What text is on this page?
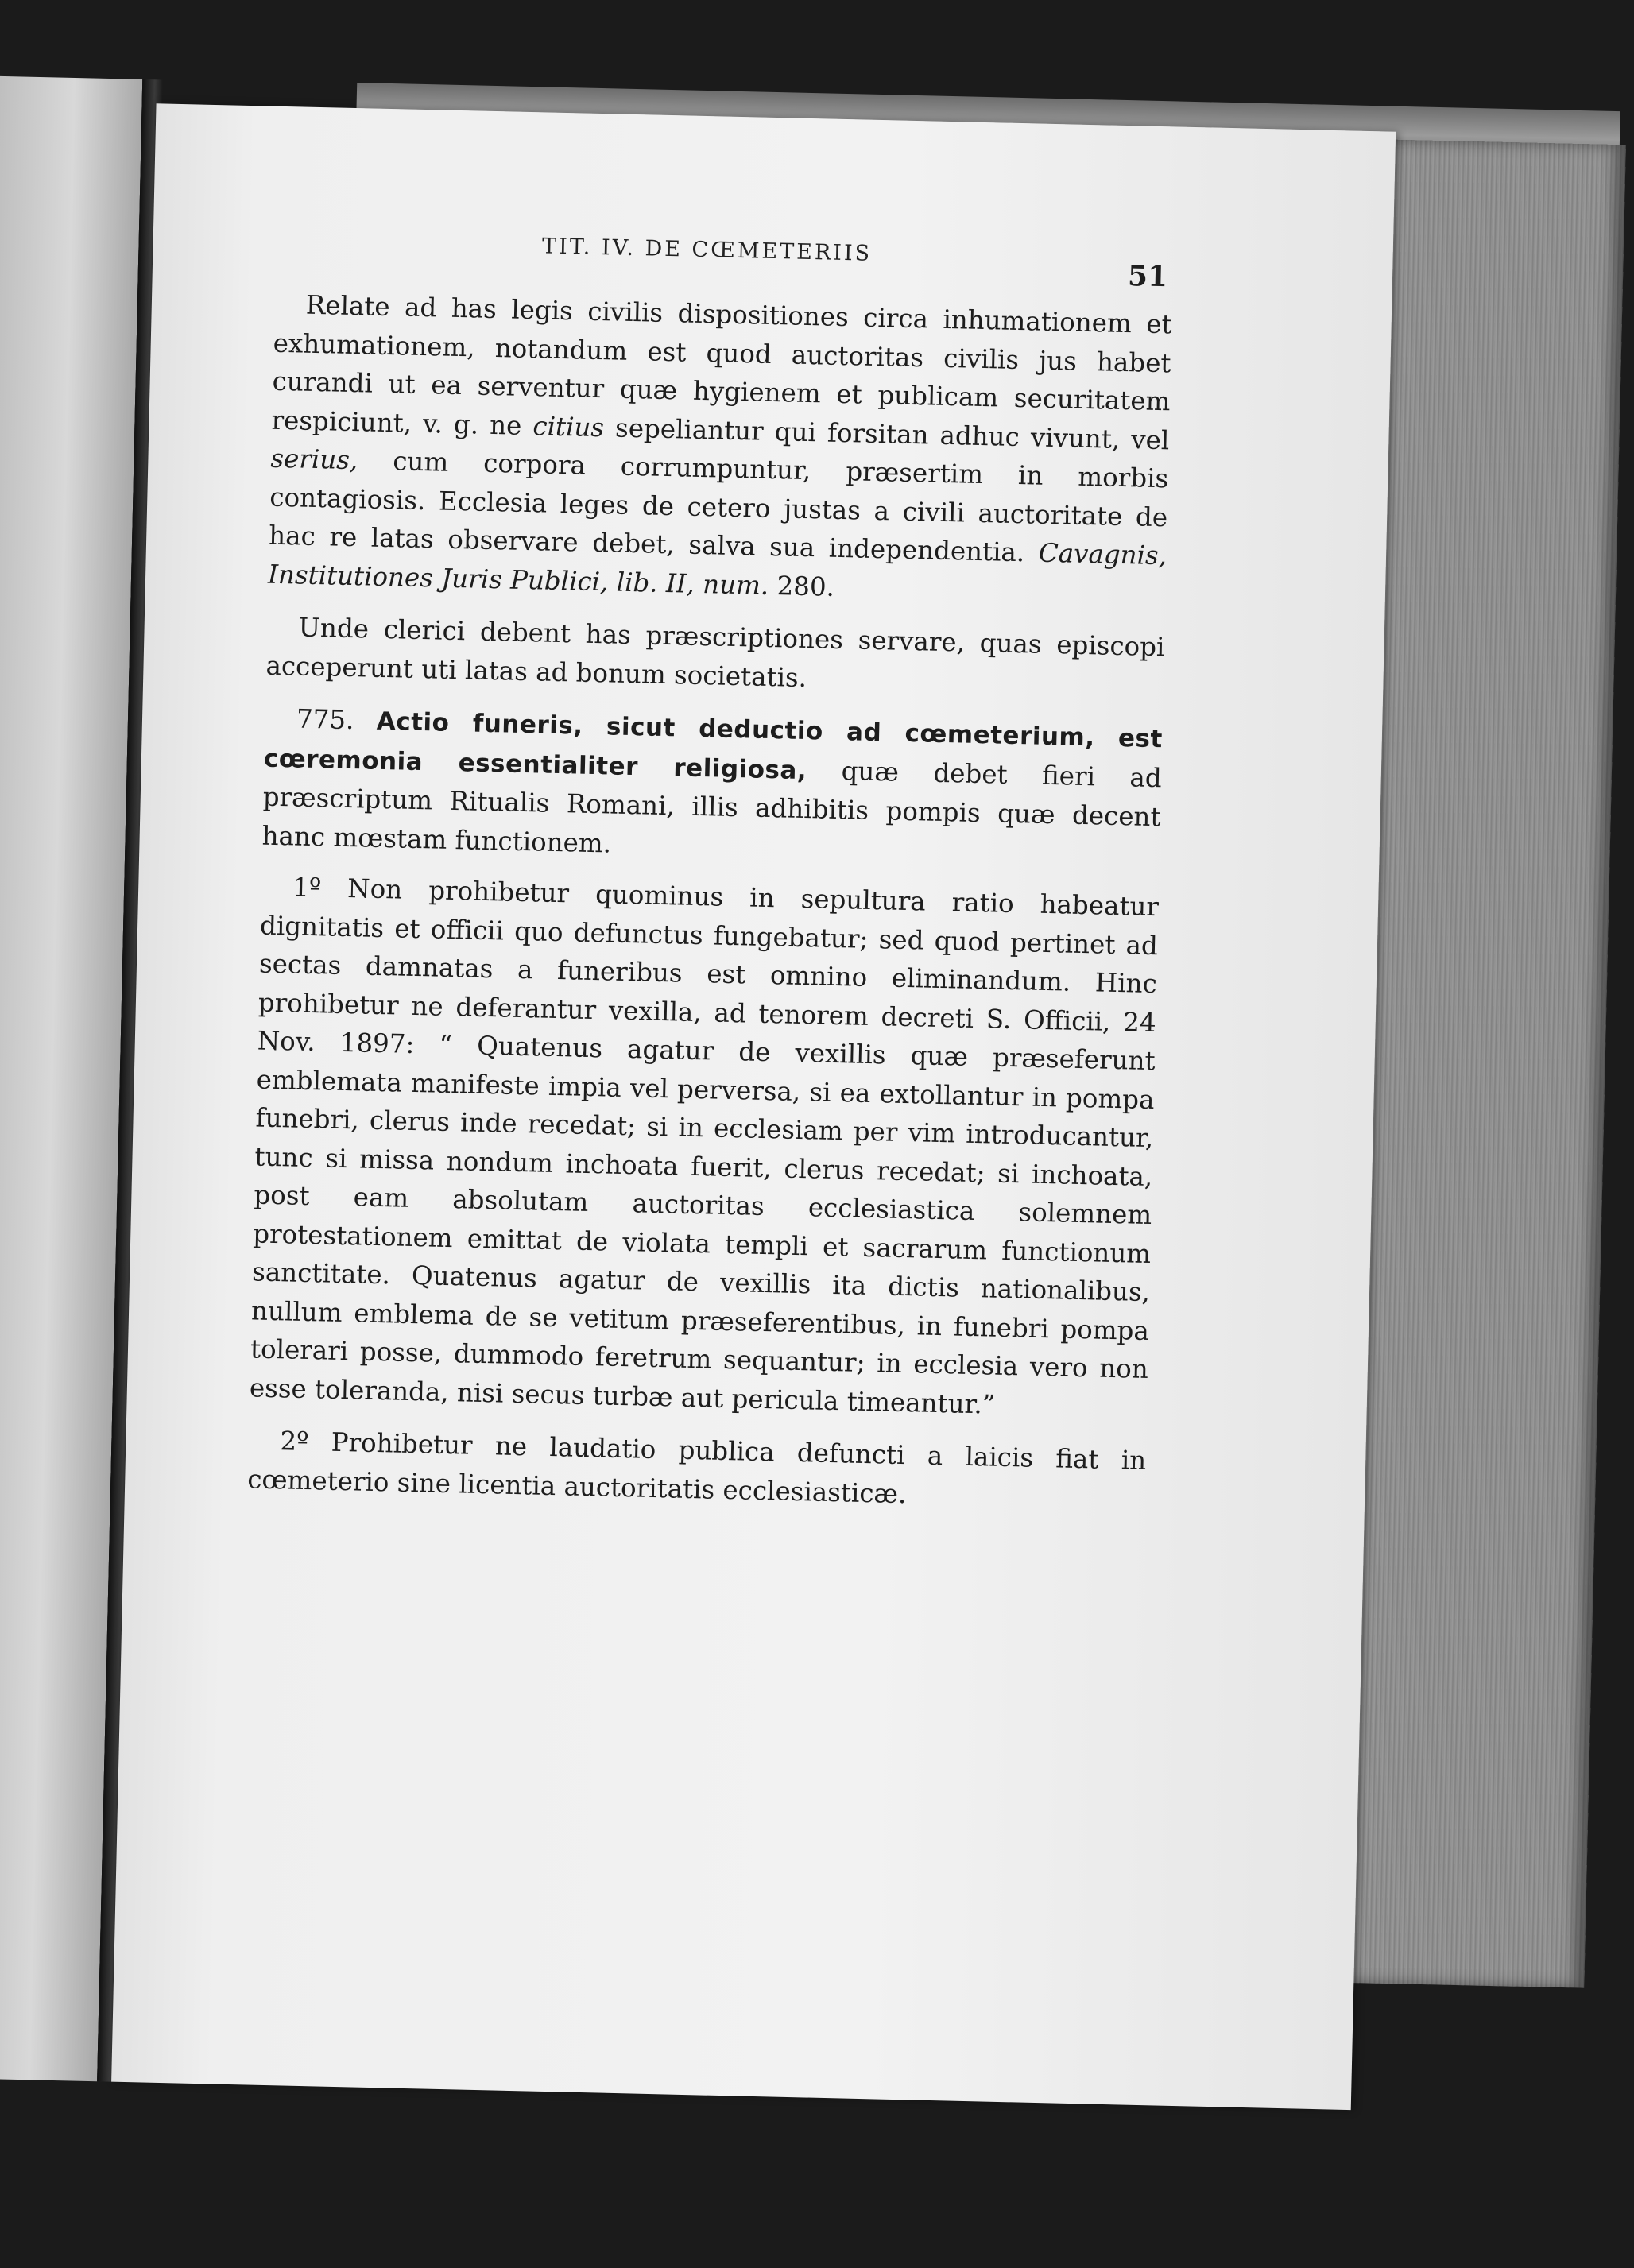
TIT. IV. DE CŒMETERIIS
51

Relate ad has legis civilis dispositiones circa inhumationem et exhumationem, notandum est quod auctoritas civilis jus habet curandi ut ea serventur quæ hygienem et publicam securitatem respiciunt, v. g. ne citius sepeliantur qui forsitan adhuc vivunt, vel serius, cum corpora corrumpuntur, præsertim in morbis contagiosis. Ecclesia leges de cetero justas a civili auctoritate de hac re latas observare debet, salva sua independentia. Cavagnis, Institutiones Juris Publici, lib. II, num. 280.

Unde clerici debent has præscriptiones servare, quas episcopi acceperunt uti latas ad bonum societatis.

775. Actio funeris, sicut deductio ad cœmeterium, est cœremonia essentialiter religiosa, quæ debet fieri ad præscriptum Ritualis Romani, illis adhibitis pompis quæ decent hanc mœstam functionem.

1º Non prohibetur quominus in sepultura ratio habeatur dignitatis et officii quo defunctus fungebatur; sed quod pertinet ad sectas damnatas a funeribus est omnino eliminandum. Hinc prohibetur ne deferantur vexilla, ad tenorem decreti S. Officii, 24 Nov. 1897: “ Quatenus agatur de vexillis quæ præseferunt emblemata manifeste impia vel perversa, si ea extollantur in pompa funebri, clerus inde recedat; si in ecclesiam per vim introducantur, tunc si missa nondum inchoata fuerit, clerus recedat; si inchoata, post eam absolutam auctoritas ecclesiastica solemnem protestationem emittat de violata templi et sacrarum functionum sanctitate. Quatenus agatur de vexillis ita dictis nationalibus, nullum emblema de se vetitum præseferentibus, in funebri pompa tolerari posse, dummodo feretrum sequantur; in ecclesia vero non esse toleranda, nisi secus turbæ aut pericula timeantur.”

2º Prohibetur ne laudatio publica defuncti a laicis fiat in cœmeterio sine licentia auctoritatis ecclesiasticæ.
